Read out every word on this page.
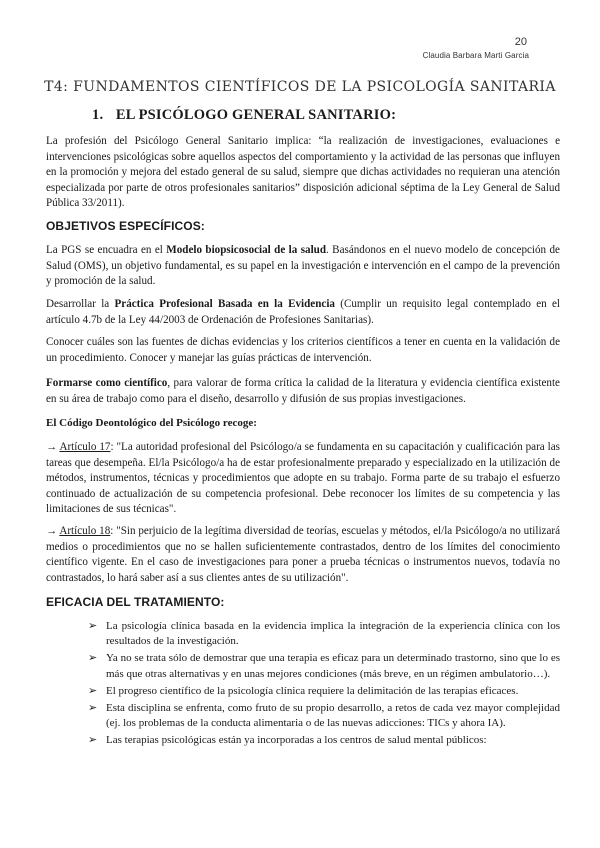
20
Claudia Barbara Marti Garcia
T4: FUNDAMENTOS CIENTÍFICOS DE LA PSICOLOGÍA SANITARIA
1. EL PSICÓLOGO GENERAL SANITARIO:

La profesión del Psicólogo General Sanitario implica: “la realización de investigaciones, evaluaciones e intervenciones psicológicas sobre aquellos aspectos del comportamiento y la actividad de las personas que influyen en la promoción y mejora del estado general de su salud, siempre que dichas actividades no requieran una atención especializada por parte de otros profesionales sanitarios” disposición adicional séptima de la Ley General de Salud Pública 33/2011).

OBJETIVOS ESPECÍFICOS:

La PGS se encuadra en el Modelo biopsicosocial de la salud. Basándonos en el nuevo modelo de concepción de Salud (OMS), un objetivo fundamental, es su papel en la investigación e intervención en el campo de la prevención y promoción de la salud.

Desarrollar la Práctica Profesional Basada en la Evidencia (Cumplir un requisito legal contemplado en el artículo 4.7b de la Ley 44/2003 de Ordenación de Profesiones Sanitarias).

Conocer cuáles son las fuentes de dichas evidencias y los criterios científicos a tener en cuenta en la validación de un procedimiento. Conocer y manejar las guías prácticas de intervención.

Formarse como científico, para valorar de forma crítica la calidad de la literatura y evidencia científica existente en su área de trabajo como para el diseño, desarrollo y difusión de sus propias investigaciones.

El Código Deontológico del Psicólogo recoge:

→ Artículo 17: "La autoridad profesional del Psicólogo/a se fundamenta en su capacitación y cualificación para las tareas que desempeña. El/la Psicólogo/a ha de estar profesionalmente preparado y especializado en la utilización de métodos, instrumentos, técnicas y procedimientos que adopte en su trabajo. Forma parte de su trabajo el esfuerzo continuado de actualización de su competencia profesional. Debe reconocer los límites de su competencia y las limitaciones de sus técnicas".

→ Artículo 18: "Sin perjuicio de la legítima diversidad de teorías, escuelas y métodos, el/la Psicólogo/a no utilizará medios o procedimientos que no se hallen suficientemente contrastados, dentro de los límites del conocimiento científico vigente. En el caso de investigaciones para poner a prueba técnicas o instrumentos nuevos, todavía no contrastados, lo hará saber así a sus clientes antes de su utilización".

EFICACIA DEL TRATAMIENTO:
➢ La psicología clínica basada en la evidencia implica la integración de la experiencia clínica con los resultados de la investigación.
➢ Ya no se trata sólo de demostrar que una terapia es eficaz para un determinado trastorno, sino que lo es más que otras alternativas y en unas mejores condiciones (más breve, en un régimen ambulatorio…).
➢ El progreso científico de la psicología clínica requiere la delimitación de las terapias eficaces.
➢ Esta disciplina se enfrenta, como fruto de su propio desarrollo, a retos de cada vez mayor complejidad (ej. los problemas de la conducta alimentaria o de las nuevas adicciones: TICs y ahora IA).
➢ Las terapias psicológicas están ya incorporadas a los centros de salud mental públicos:
